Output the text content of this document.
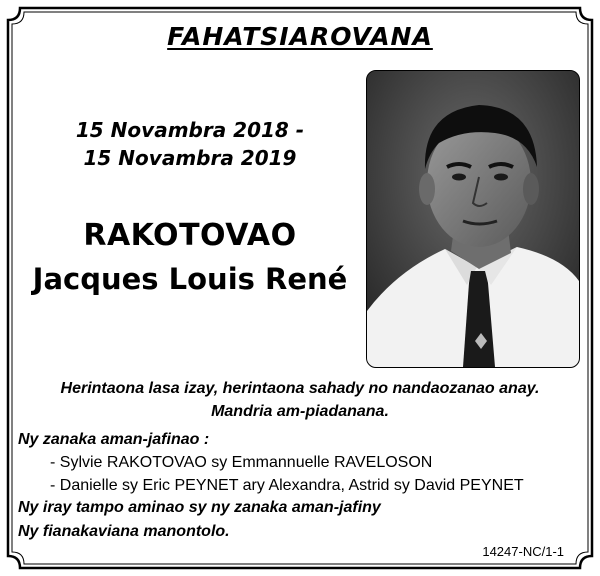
FAHATSIAROVANA
15 Novambra 2018 -
15 Novambra 2019
RAKOTOVAO
Jacques Louis René
Herintaona lasa izay, herintaona sahady no nandaozanao anay.
Mandria am-piadanana.
Ny zanaka aman-jafinao :
- Sylvie RAKOTOVAO sy Emmannuelle RAVELOSON
- Danielle sy Eric PEYNET ary Alexandra, Astrid sy David PEYNET
Ny iray tampo aminao sy ny zanaka aman-jafiny
Ny fianakaviana manontolo.
14247-NC/1-1
